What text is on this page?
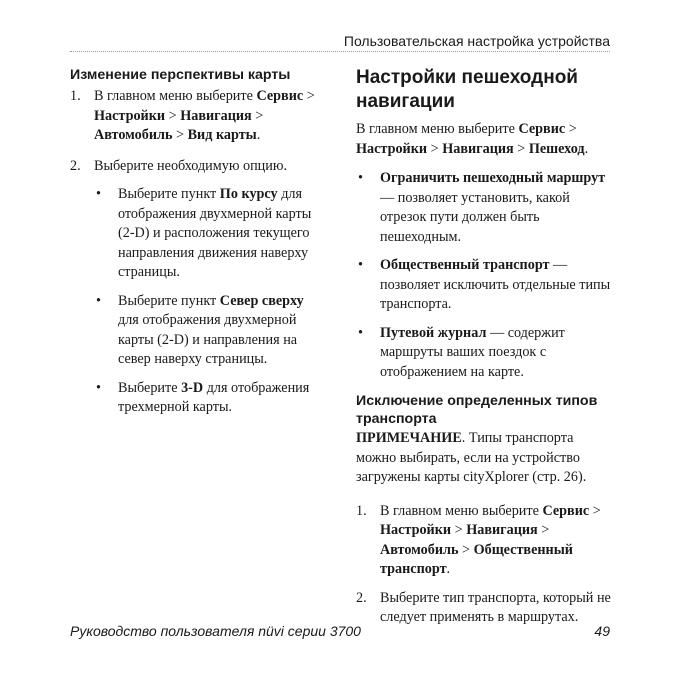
Пользовательская настройка устройства
Изменение перспективы карты
1. В главном меню выберите Сервис > Настройки > Навигация > Автомобиль > Вид карты.
2. Выберите необходимую опцию.
• Выберите пункт По курсу для отображения двухмерной карты (2-D) и расположения текущего направления движения наверху страницы.
• Выберите пункт Север сверху для отображения двухмерной карты (2-D) и направления на север наверху страницы.
• Выберите 3-D для отображения трехмерной карты.
Настройки пешеходной навигации
В главном меню выберите Сервис > Настройки > Навигация > Пешеход.
• Ограничить пешеходный маршрут — позволяет установить, какой отрезок пути должен быть пешеходным.
• Общественный транспорт — позволяет исключить отдельные типы транспорта.
• Путевой журнал — содержит маршруты ваших поездок с отображением на карте.
Исключение определенных типов транспорта
ПРИМЕЧАНИЕ. Типы транспорта можно выбирать, если на устройство загружены карты cityXplorer (стр. 26).
1. В главном меню выберите Сервис > Настройки > Навигация > Автомобиль > Общественный транспорт.
2. Выберите тип транспорта, который не следует применять в маршрутах.
Руководство пользователя nüvi серии 3700	49
